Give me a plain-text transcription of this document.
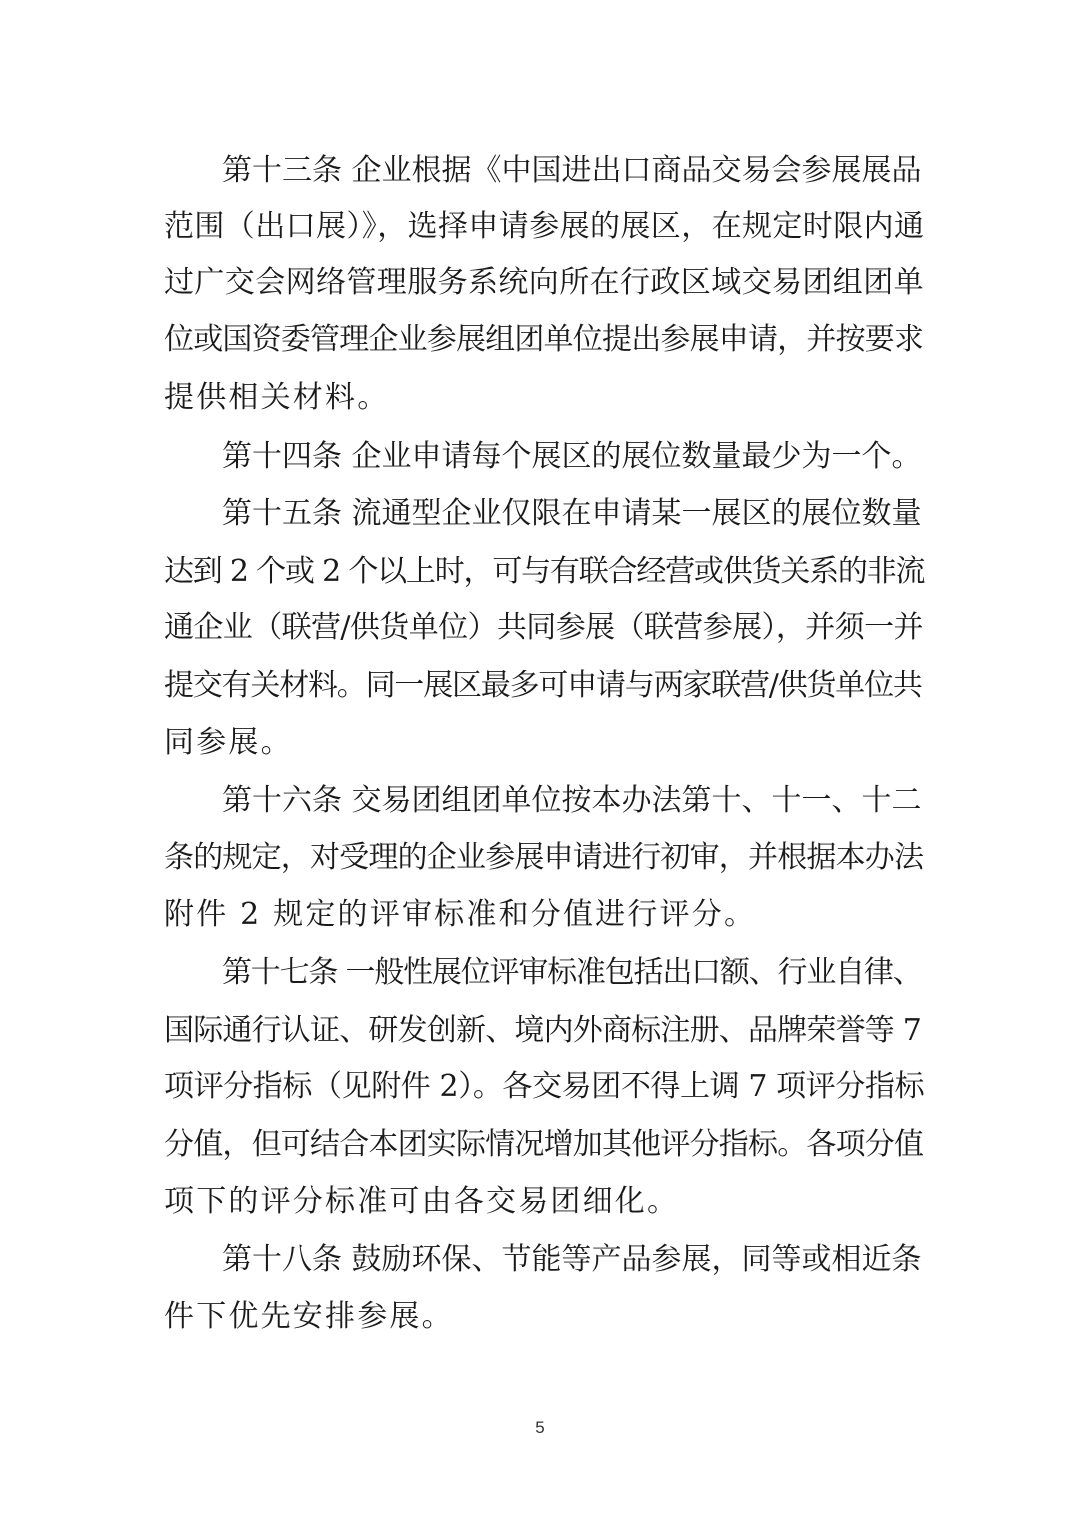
第十三条 企业根据《中国进出口商品交易会参展展品
范围（出口展）》，选择申请参展的展区，在规定时限内通
过广交会网络管理服务系统向所在行政区域交易团组团单
位或国资委管理企业参展组团单位提出参展申请，并按要求
提供相关材料。
第十四条 企业申请每个展区的展位数量最少为一个。
第十五条 流通型企业仅限在申请某一展区的展位数量
达到 2 个或 2 个以上时，可与有联合经营或供货关系的非流
通企业（联营/供货单位）共同参展（联营参展），并须一并
提交有关材料。同一展区最多可申请与两家联营/供货单位共
同参展。
第十六条 交易团组团单位按本办法第十、十一、十二
条的规定，对受理的企业参展申请进行初审，并根据本办法
附件 2 规定的评审标准和分值进行评分。
第十七条 一般性展位评审标准包括出口额、行业自律、
国际通行认证、研发创新、境内外商标注册、品牌荣誉等 7
项评分指标（见附件 2）。各交易团不得上调 7 项评分指标
分值，但可结合本团实际情况增加其他评分指标。各项分值
项下的评分标准可由各交易团细化。
第十八条 鼓励环保、节能等产品参展，同等或相近条
件下优先安排参展。
5
